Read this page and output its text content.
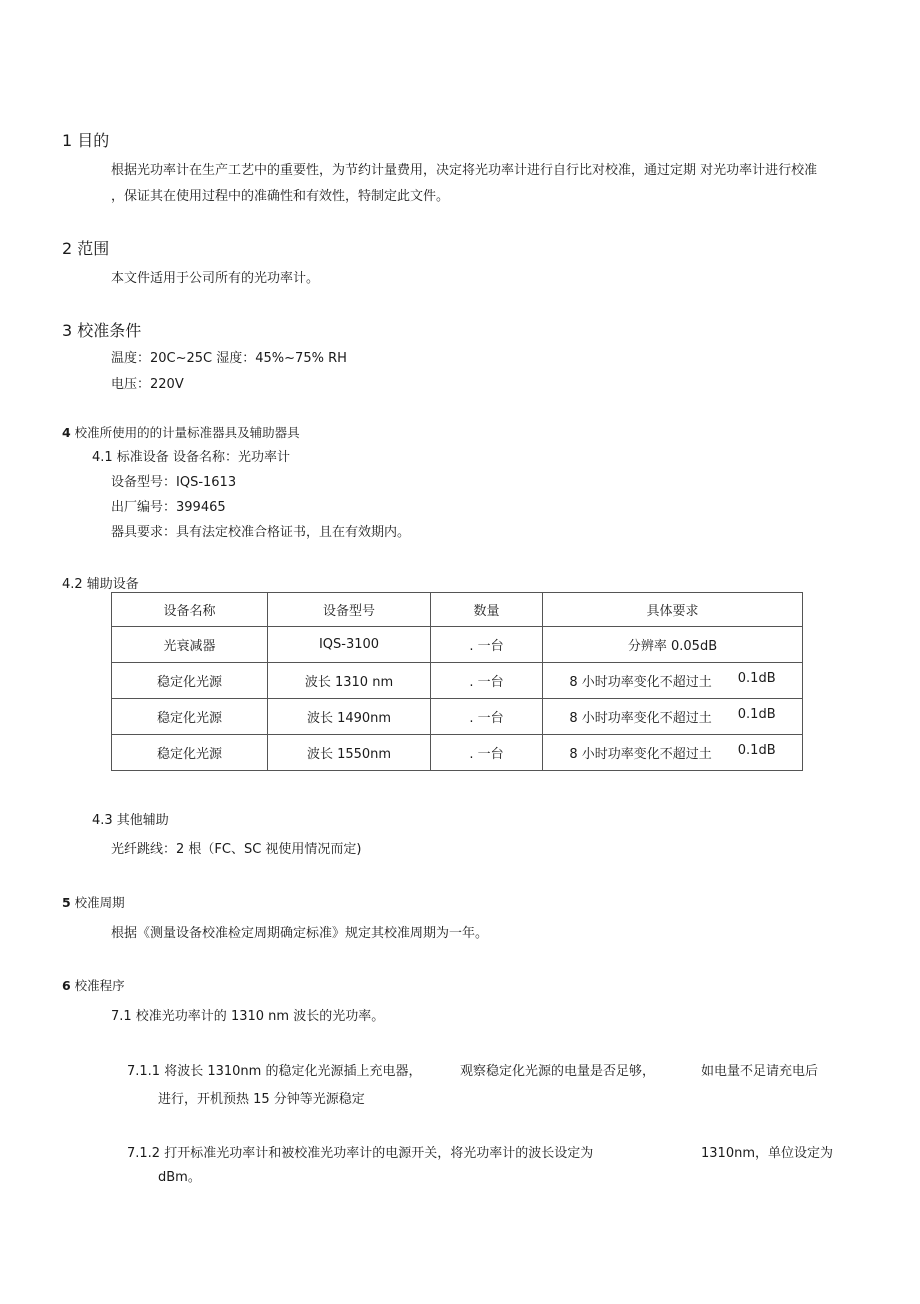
1 目的
根据光功率计在生产工艺中的重要性，为节约计量费用，决定将光功率计进行自行比对校准，通过定期 对光功率计进行校准
，保证其在使用过程中的准确性和有效性，特制定此文件。
2 范围
本文件适用于公司所有的光功率计。
3 校准条件
温度：20C~25C 湿度：45%~75% RH
电压：220V
4 校准所使用的的计量标准器具及辅助器具
4.1 标准设备 设备名称：光功率计
设备型号：IQS-1613
出厂编号：399465
器具要求：具有法定校准合格证书，且在有效期内。
4.2 辅助设备
设备名称	设备型号	数量	具体要求
光衰减器	IQS-3100	. 一台	分辨率 0.05dB
稳定化光源	波长 1310 nm	. 一台	8 小时功率变化不超过土 0.1dB

稳定化光源	波长 1490nm	. 一台	8 小时功率变化不超过土 0.1dB

稳定化光源	波长 1550nm	. 一台	8 小时功率变化不超过土 0.1dB
4.3 其他辅助
光纤跳线：2 根（FC、SC 视使用情况而定)
5 校准周期
根据《测量设备校准检定周期确定标准》规定其校准周期为一年。
6 校准程序
7.1 校准光功率计的 1310 nm 波长的光功率。
7.1.1 将波长 1310nm 的稳定化光源插上充电器，	观察稳定化光源的电量是否足够，	如电量不足请充电后
进行，开机预热 15 分钟等光源稳定
7.1.2 打开标准光功率计和被校准光功率计的电源开关，将光功率计的波长设定为	1310nm，单位设定为
dBm。
